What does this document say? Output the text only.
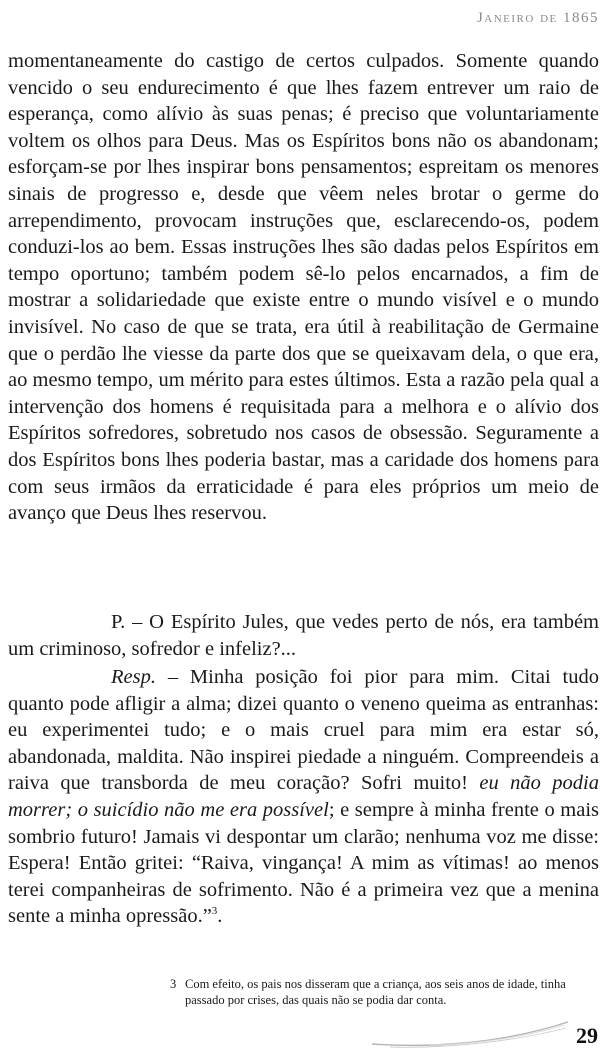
Janeiro de 1865

momentaneamente do castigo de certos culpados. Somente quando vencido o seu endurecimento é que lhes fazem entrever um raio de esperança, como alívio às suas penas; é preciso que voluntariamente voltem os olhos para Deus. Mas os Espíritos bons não os abandonam; esforçam-se por lhes inspirar bons pensamentos; espreitam os menores sinais de progresso e, desde que vêem neles brotar o germe do arrependimento, provocam instruções que, esclarecendo-os, podem conduzi-los ao bem. Essas instruções lhes são dadas pelos Espíritos em tempo oportuno; também podem sê-lo pelos encarnados, a fim de mostrar a solidariedade que existe entre o mundo visível e o mundo invisível. No caso de que se trata, era útil à reabilitação de Germaine que o perdão lhe viesse da parte dos que se queixavam dela, o que era, ao mesmo tempo, um mérito para estes últimos. Esta a razão pela qual a intervenção dos homens é requisitada para a melhora e o alívio dos Espíritos sofredores, sobretudo nos casos de obsessão. Seguramente a dos Espíritos bons lhes poderia bastar, mas a caridade dos homens para com seus irmãos da erraticidade é para eles próprios um meio de avanço que Deus lhes reservou.

P. – O Espírito Jules, que vedes perto de nós, era também um criminoso, sofredor e infeliz?...

Resp. – Minha posição foi pior para mim. Citai tudo quanto pode afligir a alma; dizei quanto o veneno queima as entranhas: eu experimentei tudo; e o mais cruel para mim era estar só, abandonada, maldita. Não inspirei piedade a ninguém. Compreendeis a raiva que transborda de meu coração? Sofri muito! eu não podia morrer; o suicídio não me era possível; e sempre à minha frente o mais sombrio futuro! Jamais vi despontar um clarão; nenhuma voz me disse: Espera! Então gritei: “Raiva, vingança! A mim as vítimas! ao menos terei companheiras de sofrimento. Não é a primeira vez que a menina sente a minha opressão.”$^3$.

3 Com efeito, os pais nos disseram que a criança, aos seis anos de idade, tinha passado por crises, das quais não se podia dar conta.
29
